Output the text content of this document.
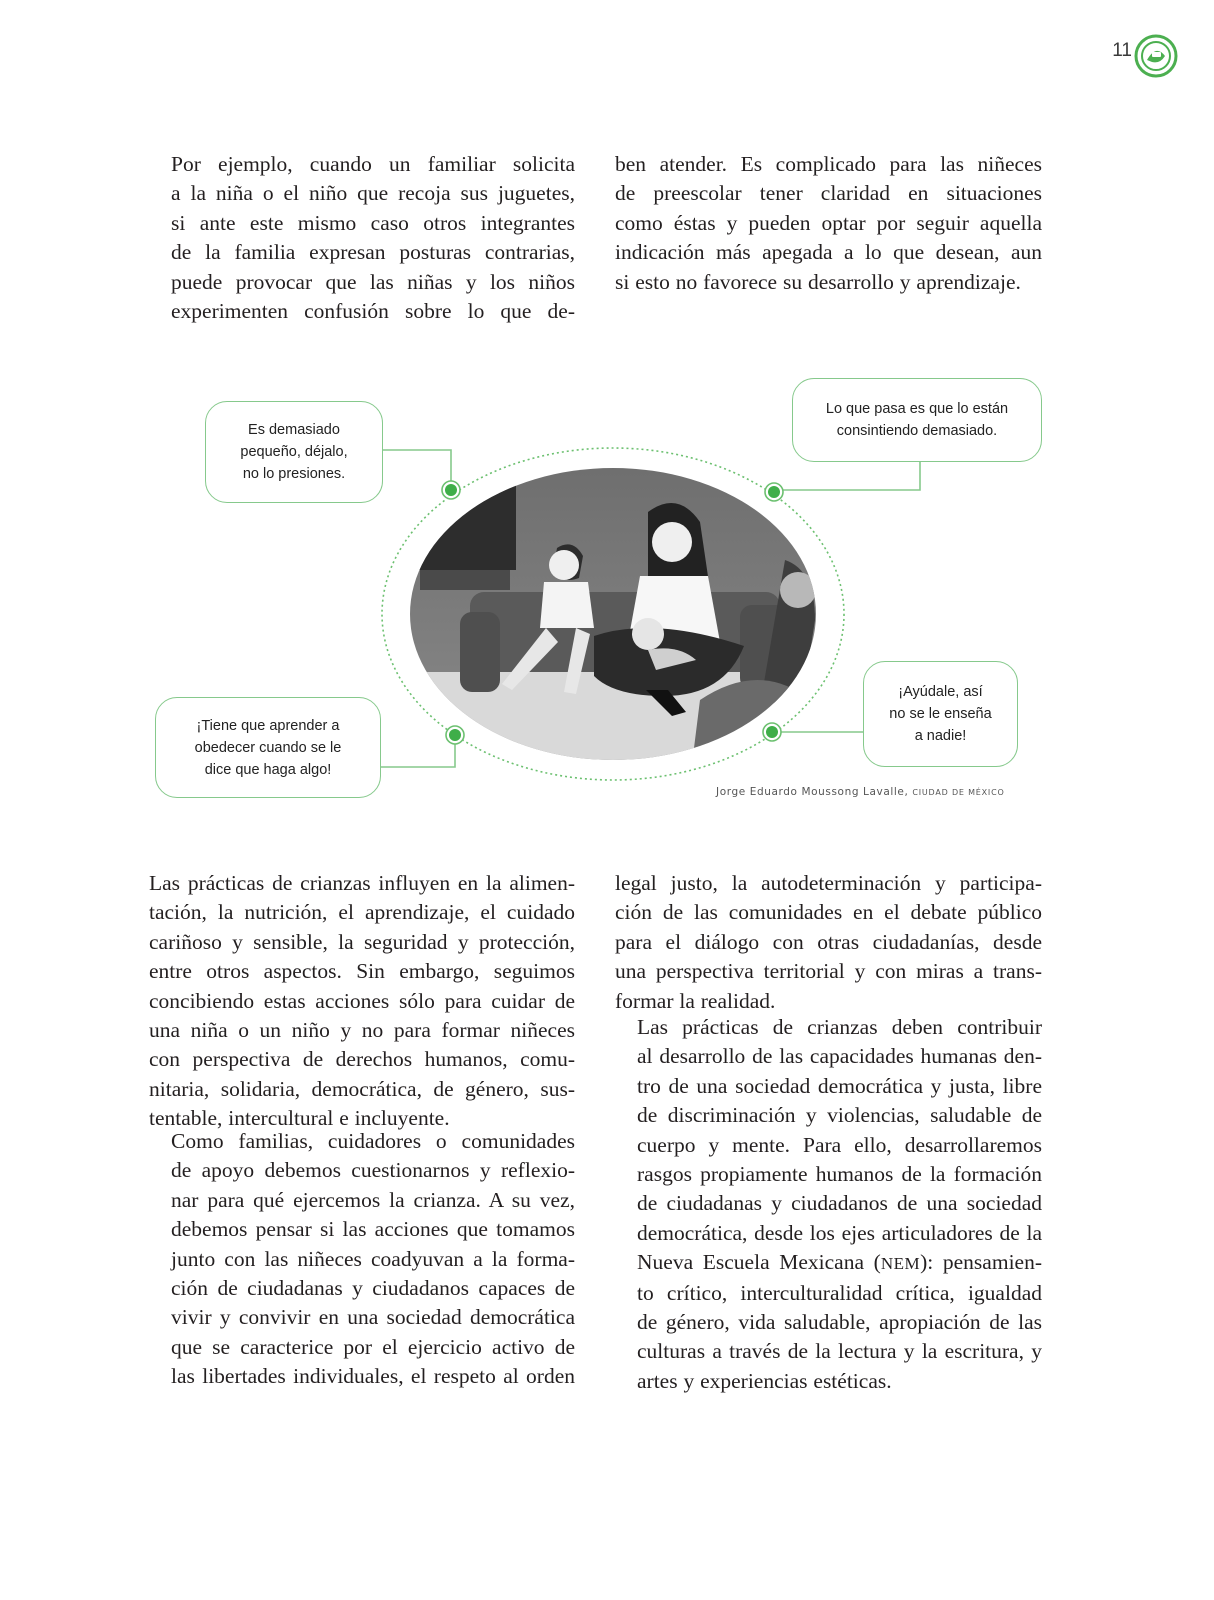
11
Por ejemplo, cuando un familiar solicita
a la niña o el niño que recoja sus juguetes,
si ante este mismo caso otros integrantes
de la familia expresan posturas contrarias,
puede provocar que las niñas y los niños
experimenten confusión sobre lo que de-
ben atender. Es complicado para las niñeces
de preescolar tener claridad en situaciones
como éstas y pueden optar por seguir aquella
indicación más apegada a lo que desean, aun
si esto no favorece su desarrollo y aprendizaje.
Es demasiado
pequeño, déjalo,
no lo presiones.
Lo que pasa es que lo están
consintiendo demasiado.
¡Tiene que aprender a
obedecer cuando se le
dice que haga algo!
¡Ayúdale, así
no se le enseña
a nadie!
Jorge Eduardo Moussong Lavalle, CIUDAD DE MÉXICO
Las prácticas de crianzas influyen en la alimen-
tación, la nutrición, el aprendizaje, el cuidado
cariñoso y sensible, la seguridad y protección,
entre otros aspectos. Sin embargo, seguimos
concibiendo estas acciones sólo para cuidar de
una niña o un niño y no para formar niñeces
con perspectiva de derechos humanos, comu-
nitaria, solidaria, democrática, de género, sus-
tentable, intercultural e incluyente.
Como familias, cuidadores o comunidades
de apoyo debemos cuestionarnos y reflexio-
nar para qué ejercemos la crianza. A su vez,
debemos pensar si las acciones que tomamos
junto con las niñeces coadyuvan a la forma-
ción de ciudadanas y ciudadanos capaces de
vivir y convivir en una sociedad democrática
que se caracterice por el ejercicio activo de
las libertades individuales, el respeto al orden
legal justo, la autodeterminación y participa-
ción de las comunidades en el debate público
para el diálogo con otras ciudadanías, desde
una perspectiva territorial y con miras a trans-
formar la realidad.
Las prácticas de crianzas deben contribuir
al desarrollo de las capacidades humanas den-
tro de una sociedad democrática y justa, libre
de discriminación y violencias, saludable de
cuerpo y mente. Para ello, desarrollaremos
rasgos propiamente humanos de la formación
de ciudadanas y ciudadanos de una sociedad
democrática, desde los ejes articuladores de la
Nueva Escuela Mexicana (NEM): pensamien-
to crítico, interculturalidad crítica, igualdad
de género, vida saludable, apropiación de las
culturas a través de la lectura y la escritura, y
artes y experiencias estéticas.
